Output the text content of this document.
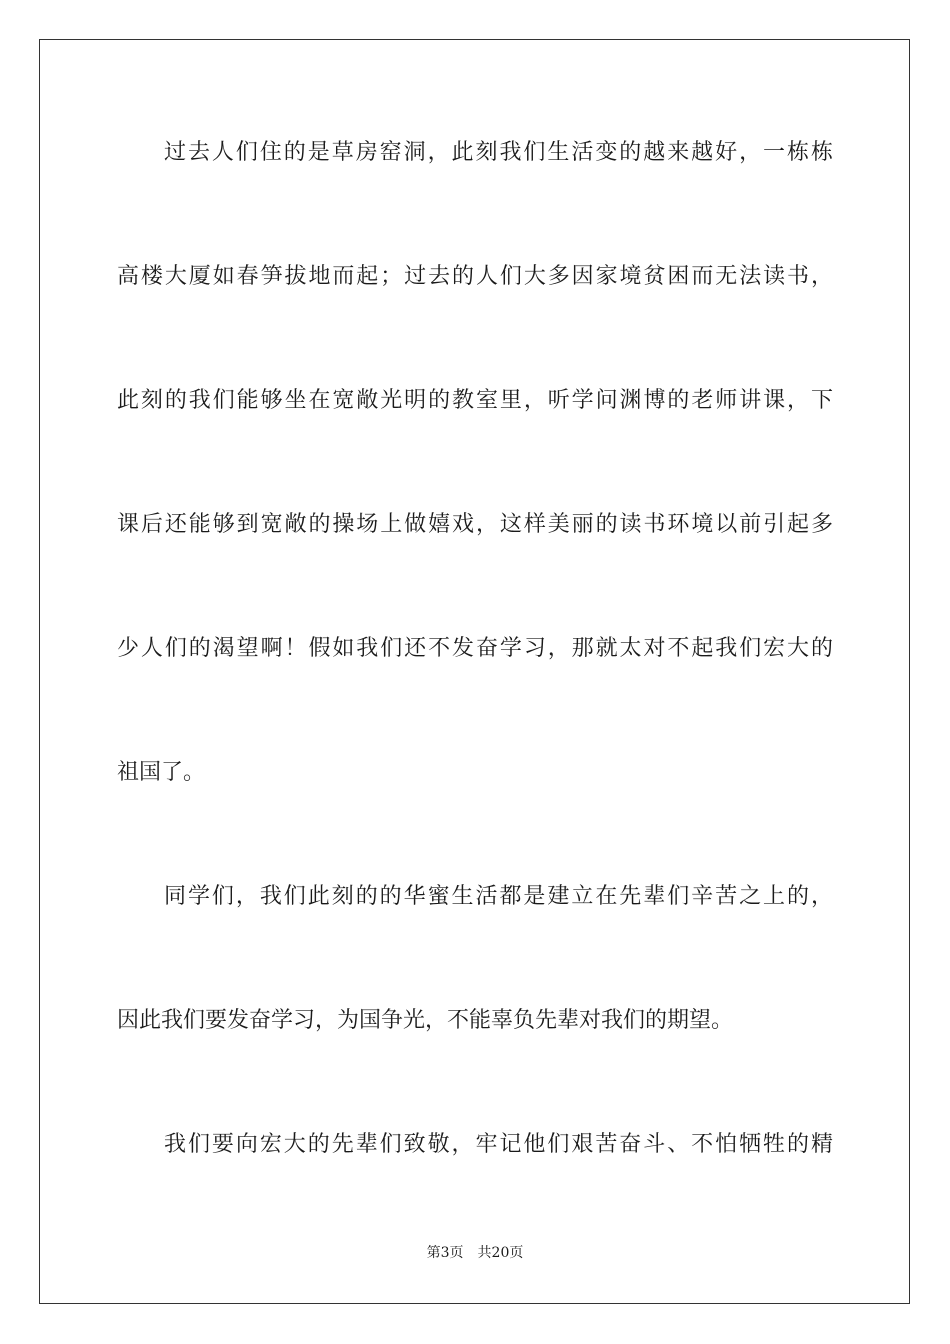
过去人们住的是草房窑洞，此刻我们生活变的越来越好，一栋栋
高楼大厦如春笋拔地而起；过去的人们大多因家境贫困而无法读书，
此刻的我们能够坐在宽敞光明的教室里，听学问渊博的老师讲课，下
课后还能够到宽敞的操场上做嬉戏，这样美丽的读书环境以前引起多
少人们的渴望啊！假如我们还不发奋学习，那就太对不起我们宏大的
祖国了。
同学们，我们此刻的的华蜜生活都是建立在先辈们辛苦之上的，
因此我们要发奋学习，为国争光，不能辜负先辈对我们的期望。
我们要向宏大的先辈们致敬，牢记他们艰苦奋斗、不怕牺牲的精
第3页 共20页
